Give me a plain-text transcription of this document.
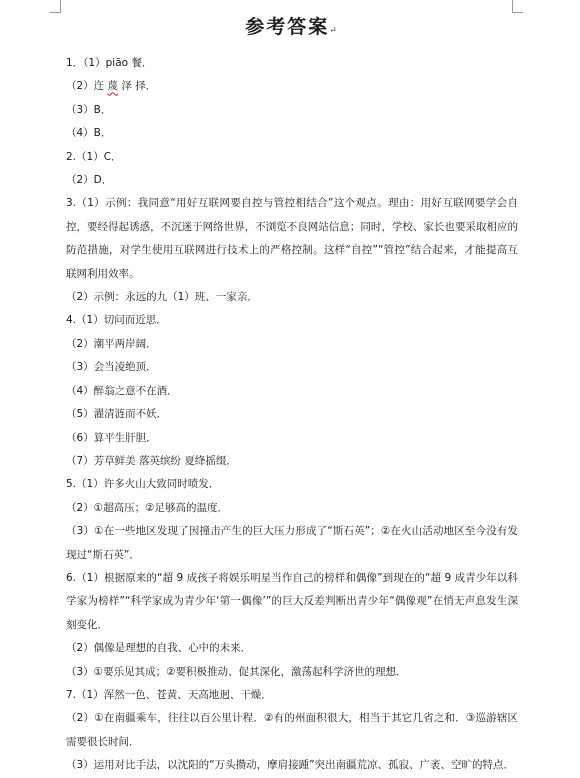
参考答案↵
1．（1）piāo 餐．
（2）迕 蔑 泽 择．
（3）B．
（4）B．
2.（1）C．
（2）D．
3.（1）示例：我同意“用好互联网要自控与管控相结合”这个观点。理由：用好互联网要学会自控，要经得起诱惑，不沉迷于网络世界，不浏览不良网站信息；同时，学校、家长也要采取相应的防范措施，对学生使用互联网进行技术上的严格控制。这样“自控”“管控”结合起来，才能提高互联网利用效率。
（2）示例：永远的九（1）班、一家亲．
4.（1）切问而近思．
（2）潮平两岸阔．
（3）会当凌绝顶．
（4）醉翁之意不在酒．
（5）濯清涟而不妖．
（6）算平生肝胆．
（7）芳草鲜美 落英缤纷 夏绛摇缀．
5.（1）许多火山大致同时喷发．
（2）①超高压；②足够高的温度．
（3）①在一些地区发现了因撞击产生的巨大压力形成了“斯石英”；②在火山活动地区至今没有发现过“斯石英”．
6.（1）根据原来的“超 9 成孩子将娱乐明星当作自己的榜样和偶像”到现在的“超 9 成青少年以科学家为榜样”“科学家成为青少年‘第一偶像’”的巨大反差判断出青少年“偶像观”在悄无声息发生深刻变化．
（2）偶像是理想的自我、心中的未来．
（3）①要乐见其成；②要积极推动、促其深化，激荡起科学济世的理想．
7.（1）浑然一色、苍黄、天高地迥、干燥．
（2）①在南疆乘车，往往以百公里计程．②有的州面积很大，相当于其它几省之和．③巡游辖区需要很长时间．
（3）运用对比手法，以沈阳的“万头攒动，摩肩接踵”突出南疆荒凉、孤寂、广袤、空旷的特点．
